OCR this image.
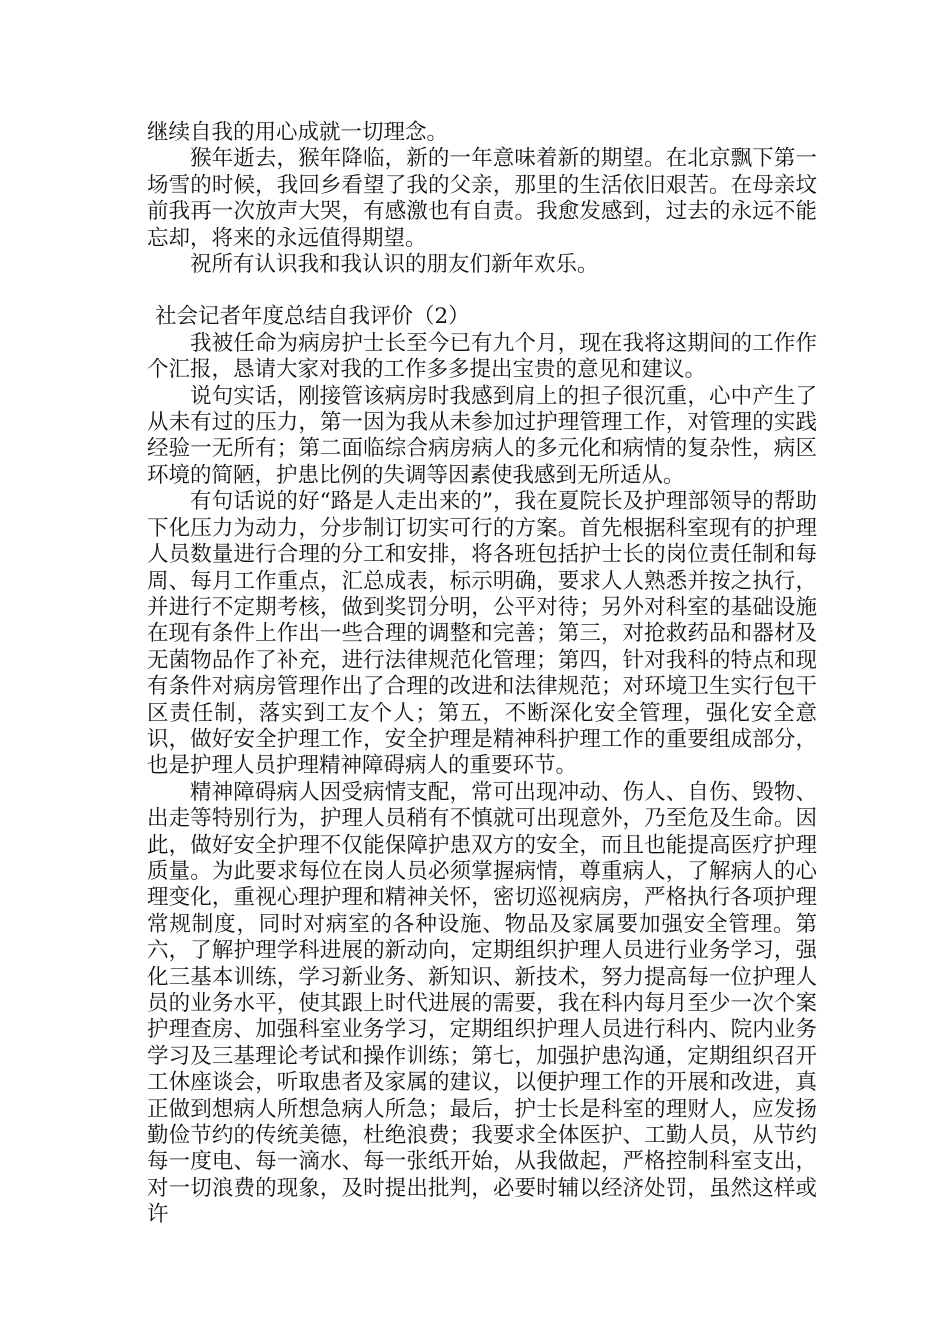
继续自我的用心成就一切理念。

猴年逝去，猴年降临，新的一年意味着新的期望。在北京飘下第一场雪的时候，我回乡看望了我的父亲，那里的生活依旧艰苦。在母亲坟前我再一次放声大哭，有感激也有自责。我愈发感到，过去的永远不能忘却，将来的永远值得期望。

祝所有认识我和我认识的朋友们新年欢乐。

社会记者年度总结自我评价（2）

我被任命为病房护士长至今已有九个月，现在我将这期间的工作作个汇报，恳请大家对我的工作多多提出宝贵的意见和建议。

说句实话，刚接管该病房时我感到肩上的担子很沉重，心中产生了从未有过的压力，第一因为我从未参加过护理管理工作，对管理的实践经验一无所有；第二面临综合病房病人的多元化和病情的复杂性，病区环境的简陋，护患比例的失调等因素使我感到无所适从。

有句话说的好“路是人走出来的”，我在夏院长及护理部领导的帮助下化压力为动力，分步制订切实可行的方案。首先根据科室现有的护理人员数量进行合理的分工和安排，将各班包括护士长的岗位责任制和每周、每月工作重点，汇总成表，标示明确，要求人人熟悉并按之执行，并进行不定期考核，做到奖罚分明，公平对待；另外对科室的基础设施在现有条件上作出一些合理的调整和完善；第三，对抢救药品和器材及无菌物品作了补充，进行法律规范化管理；第四，针对我科的特点和现有条件对病房管理作出了合理的改进和法律规范；对环境卫生实行包干区责任制，落实到工友个人；第五，不断深化安全管理，强化安全意识，做好安全护理工作，安全护理是精神科护理工作的重要组成部分，也是护理人员护理精神障碍病人的重要环节。

精神障碍病人因受病情支配，常可出现冲动、伤人、自伤、毁物、出走等特别行为，护理人员稍有不慎就可出现意外，乃至危及生命。因此，做好安全护理不仅能保障护患双方的安全，而且也能提高医疗护理质量。为此要求每位在岗人员必须掌握病情，尊重病人，了解病人的心理变化，重视心理护理和精神关怀，密切巡视病房，严格执行各项护理常规制度，同时对病室的各种设施、物品及家属要加强安全管理。第六，了解护理学科进展的新动向，定期组织护理人员进行业务学习，强化三基本训练，学习新业务、新知识、新技术，努力提高每一位护理人员的业务水平，使其跟上时代进展的需要，我在科内每月至少一次个案护理查房、加强科室业务学习，定期组织护理人员进行科内、院内业务学习及三基理论考试和操作训练；第七，加强护患沟通，定期组织召开工休座谈会，听取患者及家属的建议，以便护理工作的开展和改进，真正做到想病人所想急病人所急；最后，护士长是科室的理财人，应发扬勤俭节约的传统美德，杜绝浪费；我要求全体医护、工勤人员，从节约每一度电、每一滴水、每一张纸开始，从我做起，严格控制科室支出，对一切浪费的现象，及时提出批判，必要时辅以经济处罚，虽然这样或许
